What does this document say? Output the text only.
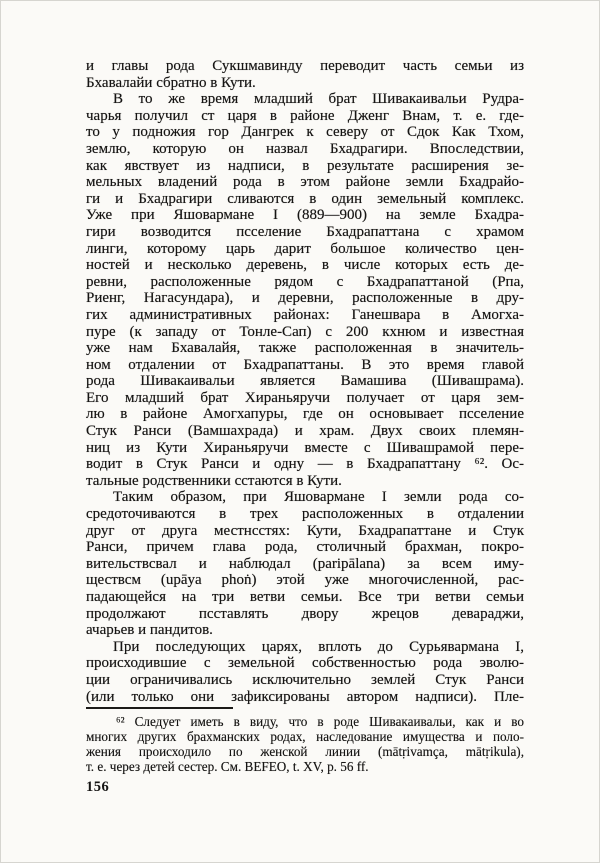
и главы рода Сукшмавинду переводит часть семьи из
Бхавалайи сбратно в Кути.
В то же время младший брат Шивакаивальи Рудра-
чарья получил ст царя в районе Дженг Внам, т. е. где-
то у подножия гор Дангрек к северу от Сдок Как Тхом,
землю, которую он назвал Бхадрагири. Впоследствии,
как явствует из надписи, в результате расширения зе-
мельных владений рода в этом районе земли Бхадрайо-
ги и Бхадрагири сливаются в один земельный комплекс.
Уже при Яшовармане I (889—900) на земле Бхадра-
гири возводится псселение Бхадрапаттана с храмом
линги, которому царь дарит большое количество цен-
ностей и несколько деревень, в числе которых есть де-
ревни, расположенные рядом с Бхадрапаттаной (Рпа,
Риенг, Нагасундара), и деревни, расположенные в дру-
гих административных районах: Ганешвара в Амогха-
пуре (к западу от Тонле-Сап) с 200 кхнюм и известная
уже нам Бхавалайя, также расположенная в значитель-
ном отдалении от Бхадрапаттаны. В это время главой
рода Шивакаивальи является Вамашива (Шивашрама).
Его младший брат Хираньяручи получает от царя зем-
лю в районе Амогхапуры, где он основывает псселение
Стук Ранси (Вамшахрада) и храм. Двух своих племян-
ниц из Кути Хираньяручи вместе с Шивашрамой пере-
водит в Стук Ранси и одну — в Бхадрапаттану ⁶². Ос-
тальные родственники сстаются в Кути.
Таким образом, при Яшовармане I земли рода со-
средоточиваются в трех расположенных в отдалении
друг от друга местнсстях: Кути, Бхадрапаттане и Стук
Ранси, причем глава рода, столичный брахман, покро-
вительствсвал и наблюдал (paripālana) за всем иму-
ществсм (upāya phoṅ) этой уже многочисленной, рас-
падающейся на три ветви семьи. Все три ветви семьи
продолжают псставлять двору жрецов девараджи,
ачарьев и пандитов.
При последующих царях, вплоть до Сурьявармана I,
происходившие с земельной собственностью рода эволю-
ции ограничивались исключительно землей Стук Ранси
(или только они зафиксированы автором надписи). Пле-
⁶² Следует иметь в виду, что в роде Шивакаивальи, как и во
многих других брахманских родах, наследование имущества и поло-
жения происходило по женской линии (mātṛivamça, mātṛikula),
т. е. через детей сестер. См. BEFEO, t. XV, p. 56 ff.
156
